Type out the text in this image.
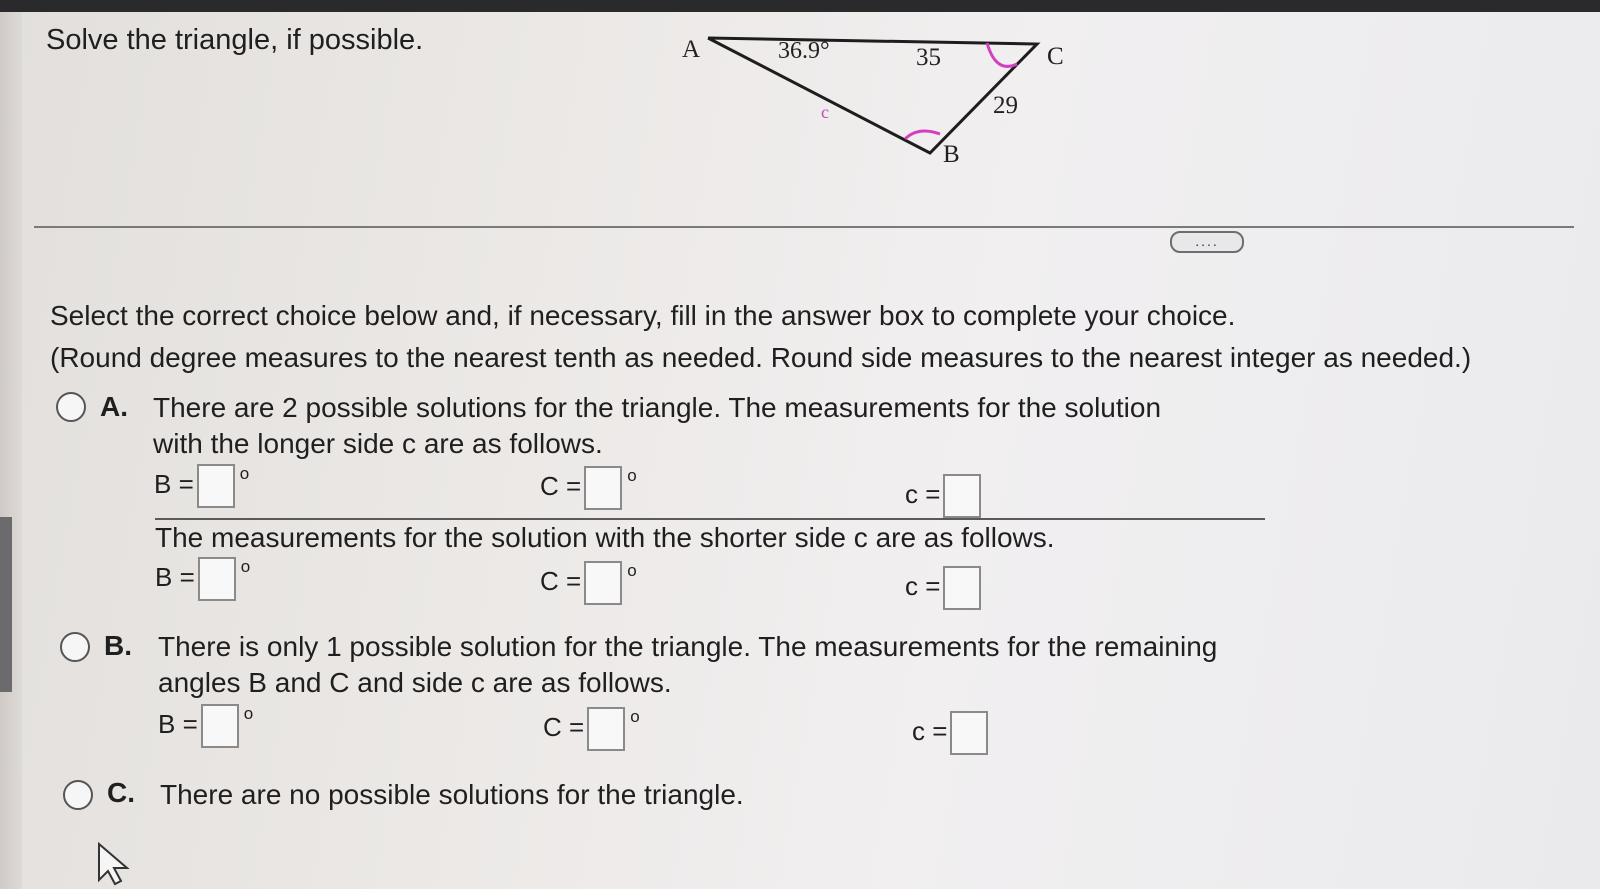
Solve the triangle, if possible.	A	36.9°	35	C
29
c
B
....
Select the correct choice below and, if necessary, fill in the answer box to complete your choice.
(Round degree measures to the nearest tenth as needed. Round side measures to the nearest integer as needed.)
A. There are 2 possible solutions for the triangle. The measurements for the solution
with the longer side c are as follows.
B =	$^o$	C =	$^o$
c =
The measurements for the solution with the shorter side c are as follows.
B =	$^o$	C =	$^o$
c =
B. There is only 1 possible solution for the triangle. The measurements for the remaining
angles B and C and side c are as follows.
B =	$^o$	C =	$^o$	c =
C. There are no possible solutions for the triangle.
